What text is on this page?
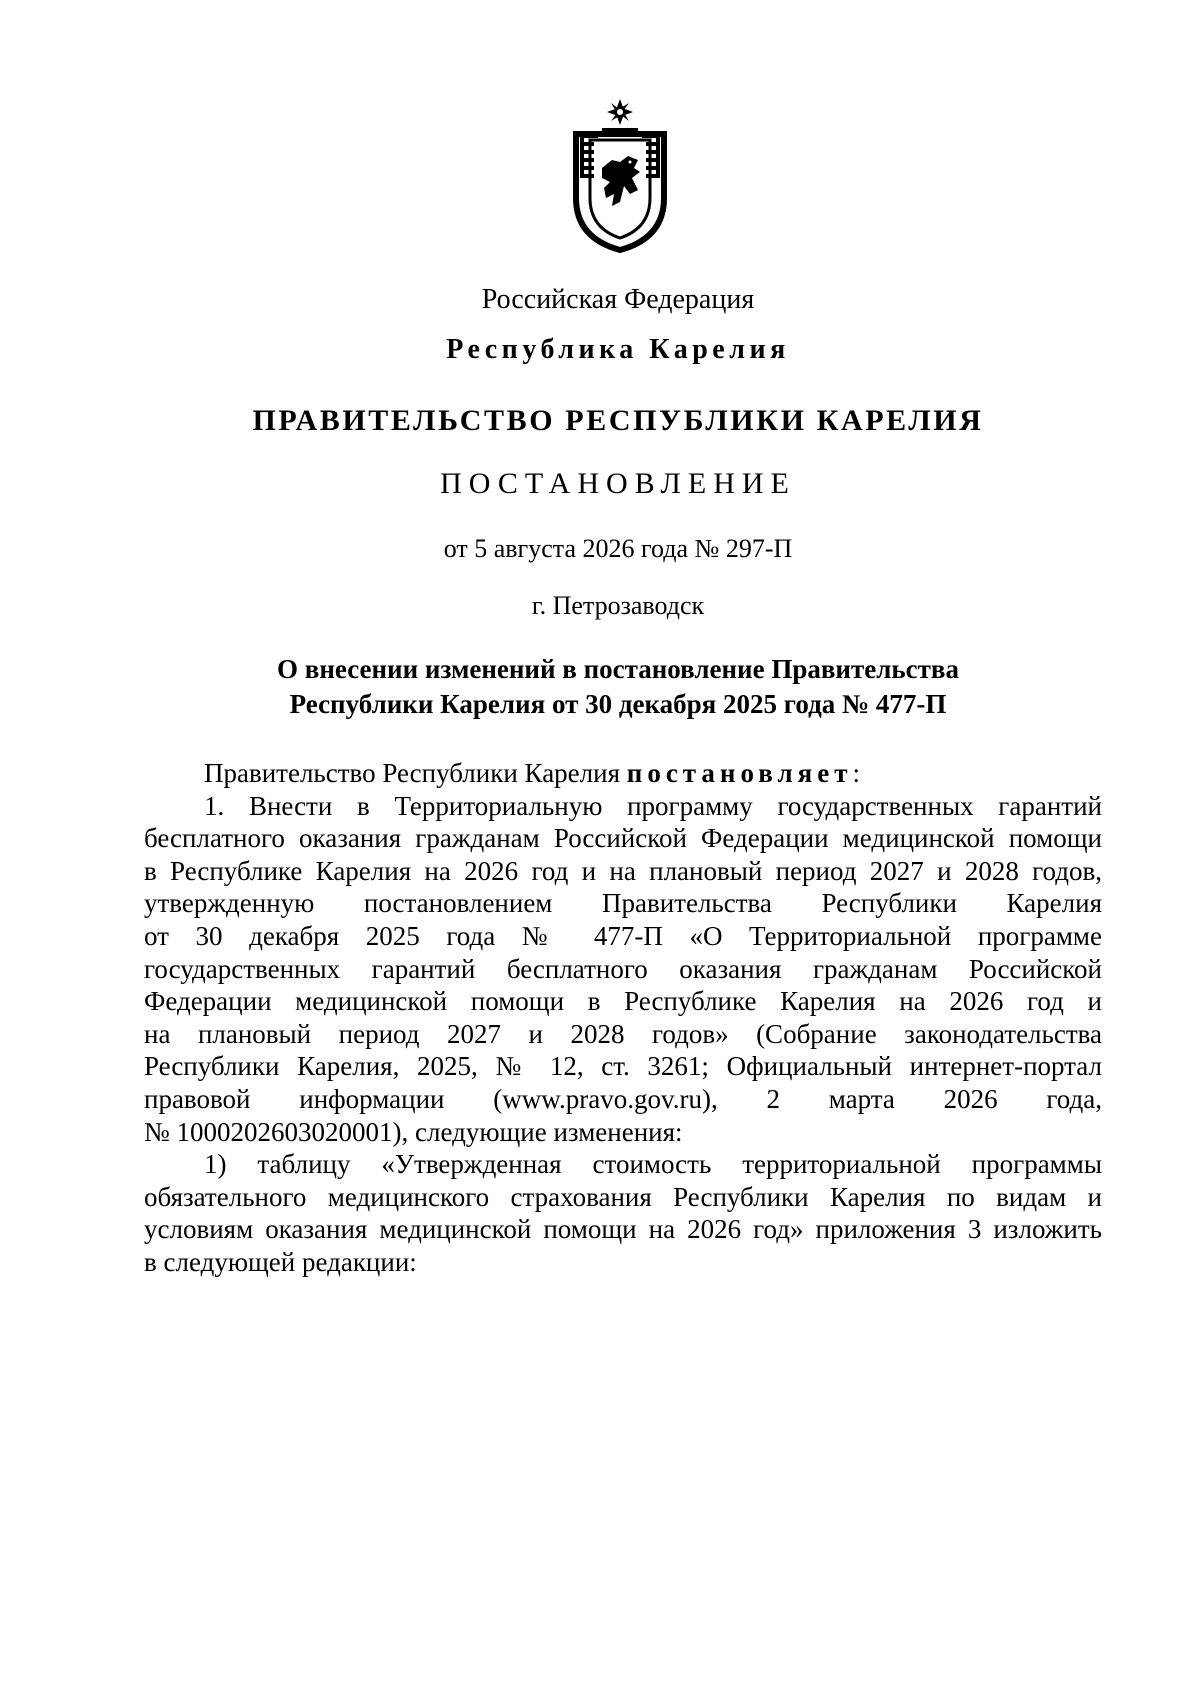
Российская Федерация
Республика Карелия
ПРАВИТЕЛЬСТВО РЕСПУБЛИКИ КАРЕЛИЯ
ПОСТАНОВЛЕНИЕ
от 5 августа 2026 года № 297-П
г. Петрозаводск
О внесении изменений в постановление Правительства
Республики Карелия от 30 декабря 2025 года № 477-П
Правительство Республики Карелия постановляет:
1. Внести в Территориальную программу государственных гарантий
бесплатного оказания гражданам Российской Федерации медицинской помощи
в Республике Карелия на 2026 год и на плановый период 2027 и 2028 годов,
утвержденную постановлением Правительства Республики Карелия
от 30 декабря 2025 года № 477-П «О Территориальной программе
государственных гарантий бесплатного оказания гражданам Российской
Федерации медицинской помощи в Республике Карелия на 2026 год и
на плановый период 2027 и 2028 годов» (Собрание законодательства
Республики Карелия, 2025, № 12, ст. 3261; Официальный интернет-портал
правовой информации (www.pravo.gov.ru), 2 марта 2026 года,
№ 1000202603020001), следующие изменения:
1) таблицу «Утвержденная стоимость территориальной программы
обязательного медицинского страхования Республики Карелия по видам и
условиям оказания медицинской помощи на 2026 год» приложения 3 изложить
в следующей редакции:
